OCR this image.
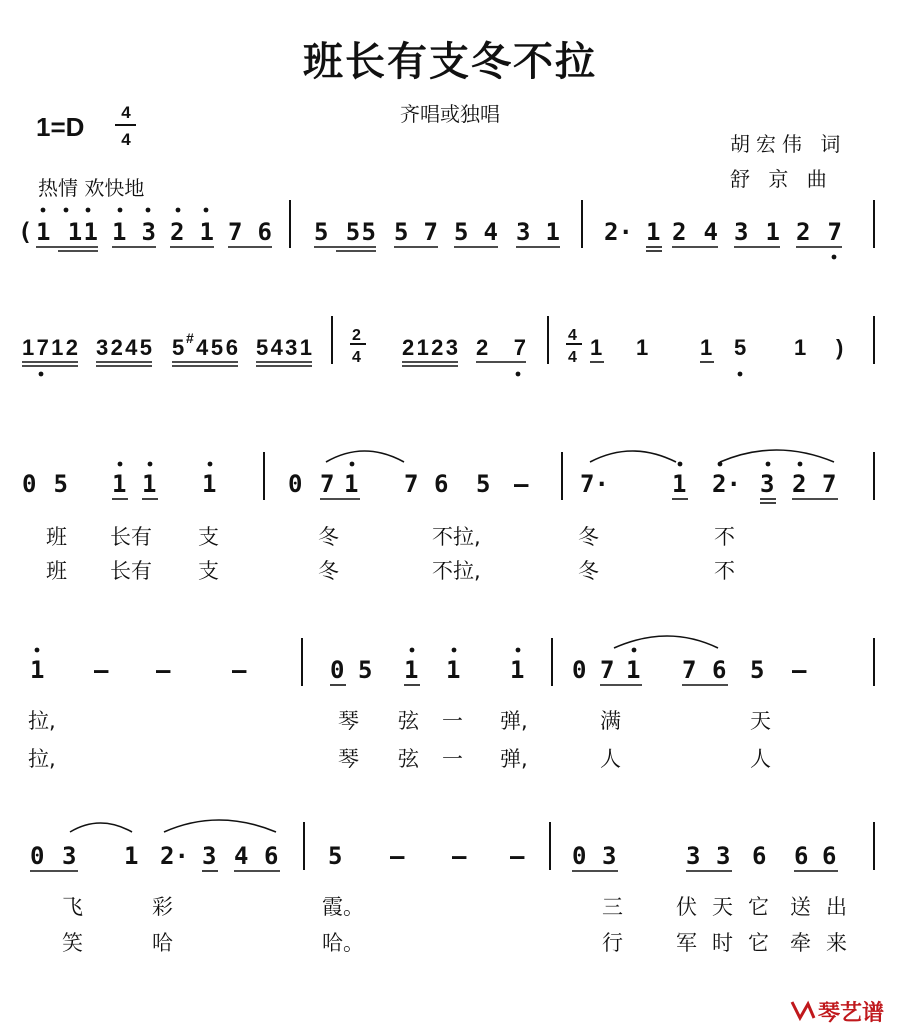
班长有支冬不拉
齐唱或独唱
1=D	4
4
热情 欢快地
胡宏伟 词
舒 京 曲
( 1 11 1 3 2 1 7 6 5 55 5 7 5 4 3 1 2· 1 2 4 3 1 2 7
1712 3245 5 # 456 5431	2
4 2123 2 7	4
4 1 1 1 5 1 )
0 5 1 1 1	0 7 1 7 6 5 – 7·	1 2· 3 2 7
班 长有 支	冬	不拉,	冬	不
班 长有 支	冬	不拉,	冬	不
1 – –	–	0 5 1 1 1 0 7 1 7 6 5 –
拉,	琴 弦 一 弹,	满	天
拉,	琴 弦 一 弹,	人	人
0 3 1 2· 3 4 6 5 – – – 0 3	3 3 6 6 6
飞	彩	霞。	三	伏 天 它 送 出
笑	哈	哈。	行	军 时 它 牵 来
琴艺谱
